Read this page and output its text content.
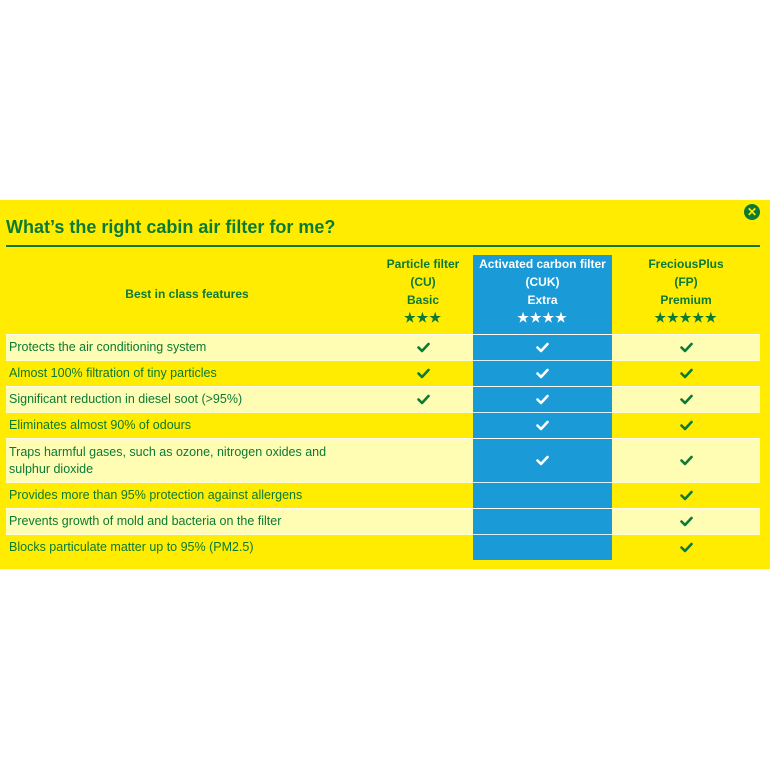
What’s the right cabin air filter for me?
✕
Best in class features
Particle filter
(CU)
Basic
★★★
Activated carbon filter
(CUK)
Extra
★★★★
FreciousPlus
(FP)
Premium
★★★★★
Protects the air conditioning system
Almost 100% filtration of tiny particles
Significant reduction in diesel soot (>95%)
Eliminates almost 90% of odours
Traps harmful gases, such as ozone, nitrogen oxides and sulphur dioxide
Provides more than 95% protection against allergens
Prevents growth of mold and bacteria on the filter
Blocks particulate matter up to 95% (PM2.5)
